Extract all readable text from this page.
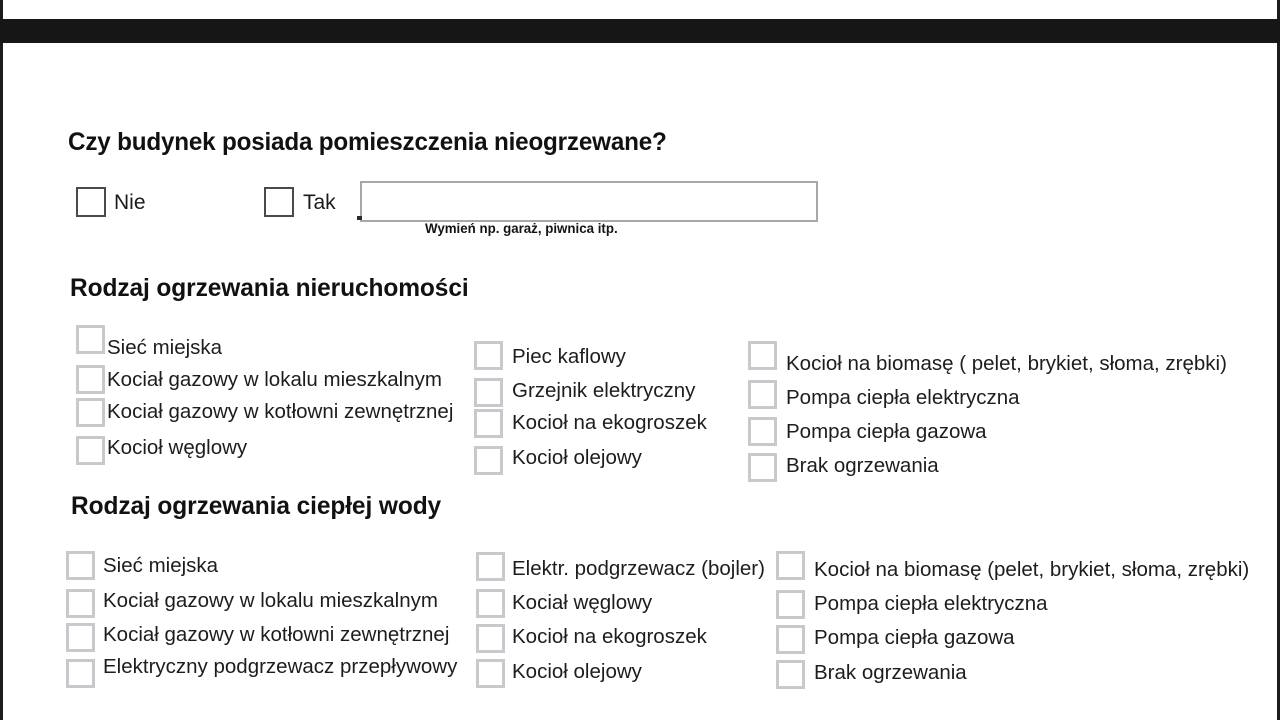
Czy budynek posiada pomieszczenia nieogrzewane?
Nie	Tak
Wymień np. garaż, piwnica itp.
Rodzaj ogrzewania nieruchomości
Sieć miejska
Kociał gazowy w lokalu mieszkalnym
Kociał gazowy w kotłowni zewnętrznej
Kocioł węglowy
Piec kaflowy
Grzejnik elektryczny
Kocioł na ekogroszek
Kocioł olejowy
Kocioł na biomasę ( pelet, brykiet, słoma, zrębki)
Pompa ciepła elektryczna
Pompa ciepła gazowa
Brak ogrzewania
Rodzaj ogrzewania ciepłej wody
Sieć miejska
Kociał gazowy w lokalu mieszkalnym
Kociał gazowy w kotłowni zewnętrznej
Elektryczny podgrzewacz przepływowy
Elektr. podgrzewacz (bojler)
Kociał węglowy
Kocioł na ekogroszek
Kocioł olejowy
Kocioł na biomasę (pelet, brykiet, słoma, zrębki)
Pompa ciepła elektryczna
Pompa ciepła gazowa
Brak ogrzewania
